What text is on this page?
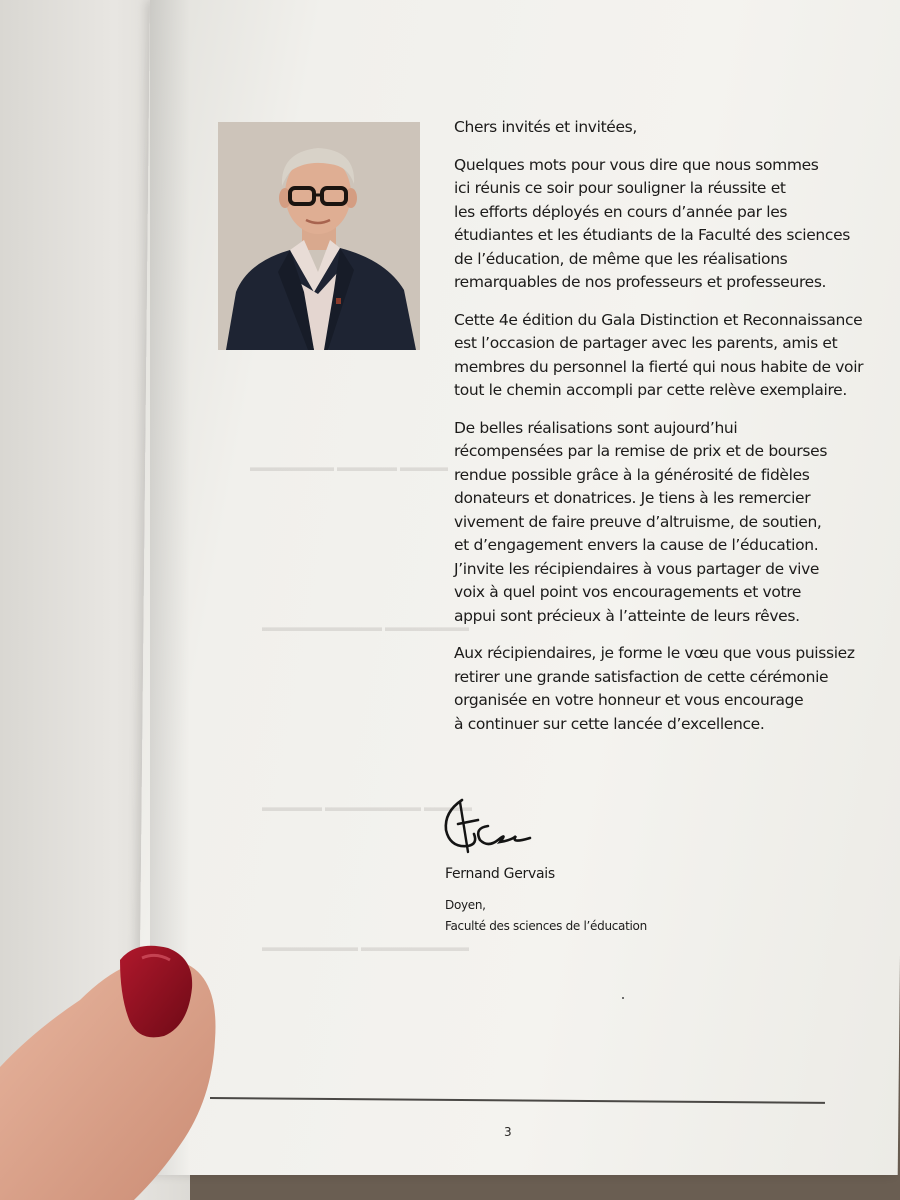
▬▬▬▬▬▬▬ ▬▬▬▬▬ ▬▬▬▬
▬▬▬▬▬▬▬▬▬▬ ▬▬▬▬▬▬▬
▬▬▬▬▬ ▬▬▬▬▬▬▬▬ ▬▬▬▬
▬▬▬▬▬▬▬▬ ▬▬▬▬▬▬▬▬▬

Chers invités et invitées,

Quelques mots pour vous dire que nous sommes
ici réunis ce soir pour souligner la réussite et
les efforts déployés en cours d’année par les
étudiantes et les étudiants de la Faculté des sciences
de l’éducation, de même que les réalisations
remarquables de nos professeurs et professeures.

Cette 4e édition du Gala Distinction et Reconnaissance
est l’occasion de partager avec les parents, amis et
membres du personnel la fierté qui nous habite de voir
tout le chemin accompli par cette relève exemplaire.

De belles réalisations sont aujourd’hui
récompensées par la remise de prix et de bourses
rendue possible grâce à la générosité de fidèles
donateurs et donatrices. Je tiens à les remercier
vivement de faire preuve d’altruisme, de soutien,
et d’engagement envers la cause de l’éducation.
J’invite les récipiendaires à vous partager de vive
voix à quel point vos encouragements et votre
appui sont précieux à l’atteinte de leurs rêves.

Aux récipiendaires, je forme le vœu que vous puissiez
retirer une grande satisfaction de cette cérémonie
organisée en votre honneur et vous encourage
à continuer sur cette lancée d’excellence.

Fernand Gervais
Doyen,
Faculté des sciences de l’éducation
3
